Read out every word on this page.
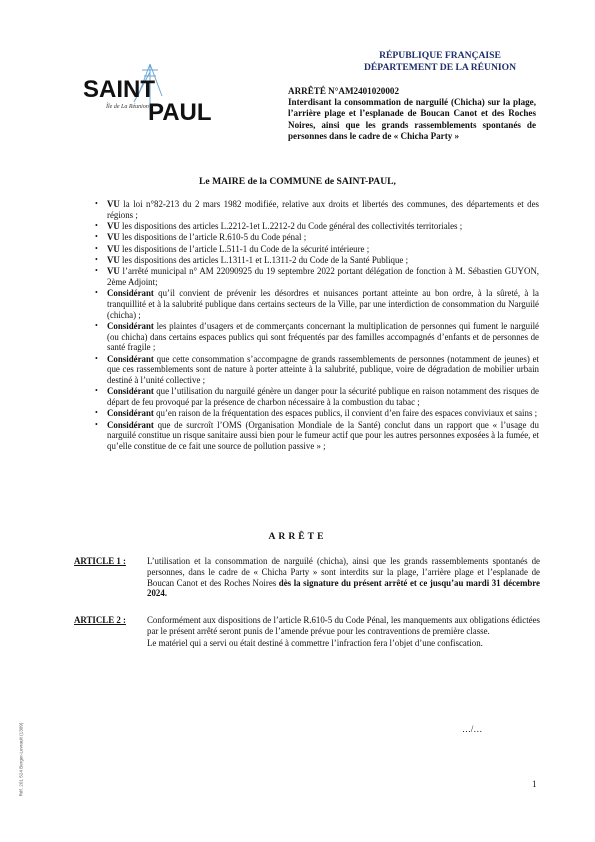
RÉPUBLIQUE FRANÇAISE
DÉPARTEMENT DE LA RÉUNION
SAINT
Île de La Réunion PAUL
ARRÊTÉ N°AM2401020002
Interdisant la consommation de narguilé (Chicha) sur la plage, l’arrière plage et l’esplanade de Boucan Canot et des Roches Noires, ainsi que les grands rassemblements spontanés de personnes dans le cadre de « Chicha Party »
Le MAIRE de la COMMUNE de SAINT-PAUL,
• VU la loi n°82-213 du 2 mars 1982 modifiée, relative aux droits et libertés des communes, des départements et des régions ;
• VU les dispositions des articles L.2212-1et L.2212-2 du Code général des collectivités territoriales ;
• VU les dispositions de l’article R.610-5 du Code pénal ;
• VU les dispositions de l’article L.511-1 du Code de la sécurité intérieure ;
• VU les dispositions des articles L.1311-1 et L.1311-2 du Code de la Santé Publique ;
• VU l’arrêté municipal n° AM 22090925 du 19 septembre 2022 portant délégation de fonction à M. Sébastien GUYON, 2ème Adjoint;
• Considérant qu’il convient de prévenir les désordres et nuisances portant atteinte au bon ordre, à la sûreté, à la tranquillité et à la salubrité publique dans certains secteurs de la Ville, par une interdiction de consommation du Narguilé (chicha) ;
• Considérant les plaintes d’usagers et de commerçants concernant la multiplication de personnes qui fument le narguilé (ou chicha) dans certains espaces publics qui sont fréquentés par des familles accompagnés d’enfants et de personnes de santé fragile ;
• Considérant que cette consommation s’accompagne de grands rassemblements de personnes (notamment de jeunes) et que ces rassemblements sont de nature à porter atteinte à la salubrité, publique, voire de dégradation de mobilier urbain destiné à l’unité collective ;
• Considérant que l’utilisation du narguilé génère un danger pour la sécurité publique en raison notamment des risques de départ de feu provoqué par la présence de charbon nécessaire à la combustion du tabac ;
• Considérant qu’en raison de la fréquentation des espaces publics, il convient d’en faire des espaces conviviaux et sains ;
• Considérant que de surcroît l’OMS (Organisation Mondiale de la Santé) conclut dans un rapport que « l’usage du narguilé constitue un risque sanitaire aussi bien pour le fumeur actif que pour les autres personnes exposées à la fumée, et qu’elle constitue de ce fait une source de pollution passive » ;
ARRÊTE
ARTICLE 1 :	L’utilisation et la consommation de narguilé (chicha), ainsi que les grands rassemblements spontanés de personnes, dans le cadre de « Chicha Party » sont interdits sur la plage, l’arrière plage et l’esplanade de Boucan Canot et des Roches Noires dès la signature du présent arrêté et ce jusqu’au mardi 31 décembre 2024.
ARTICLE 2 :	Conformément aux dispositions de l’article R.610-5 du Code Pénal, les manquements aux obligations édictées par le présent arrêté seront punis de l’amende prévue pour les contraventions de première classe.

Le matériel qui a servi ou était destiné à commettre l’infraction fera l’objet d’une confiscation.

…/…
1
Réf. 201 524 Berger-Levrault (1309)
